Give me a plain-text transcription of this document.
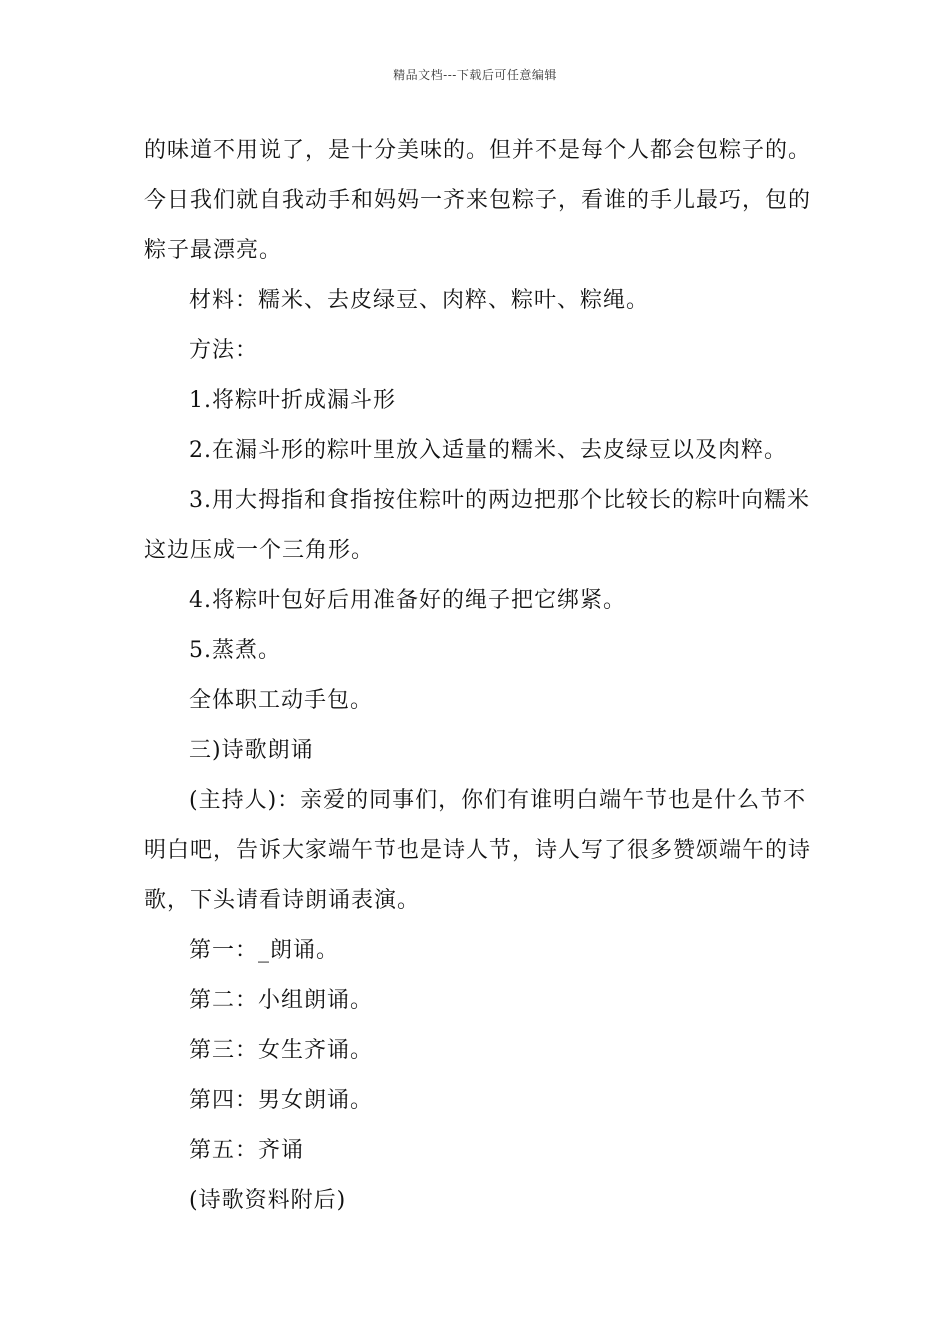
精品文档---下载后可任意编辑
的味道不用说了，是十分美味的。但并不是每个人都会包粽子的。
今日我们就自我动手和妈妈一齐来包粽子，看谁的手儿最巧，包的
粽子最漂亮。
材料：糯米、去皮绿豆、肉粹、粽叶、粽绳。
方法：
1.将粽叶折成漏斗形
2.在漏斗形的粽叶里放入适量的糯米、去皮绿豆以及肉粹。
3.用大拇指和食指按住粽叶的两边把那个比较长的粽叶向糯米
这边压成一个三角形。
4.将粽叶包好后用准备好的绳子把它绑紧。
5.蒸煮。
全体职工动手包。
三)诗歌朗诵
(主持人)：亲爱的同事们，你们有谁明白端午节也是什么节不
明白吧，告诉大家端午节也是诗人节，诗人写了很多赞颂端午的诗
歌，下头请看诗朗诵表演。
第一：_朗诵。
第二：小组朗诵。
第三：女生齐诵。
第四：男女朗诵。
第五：齐诵
(诗歌资料附后)
